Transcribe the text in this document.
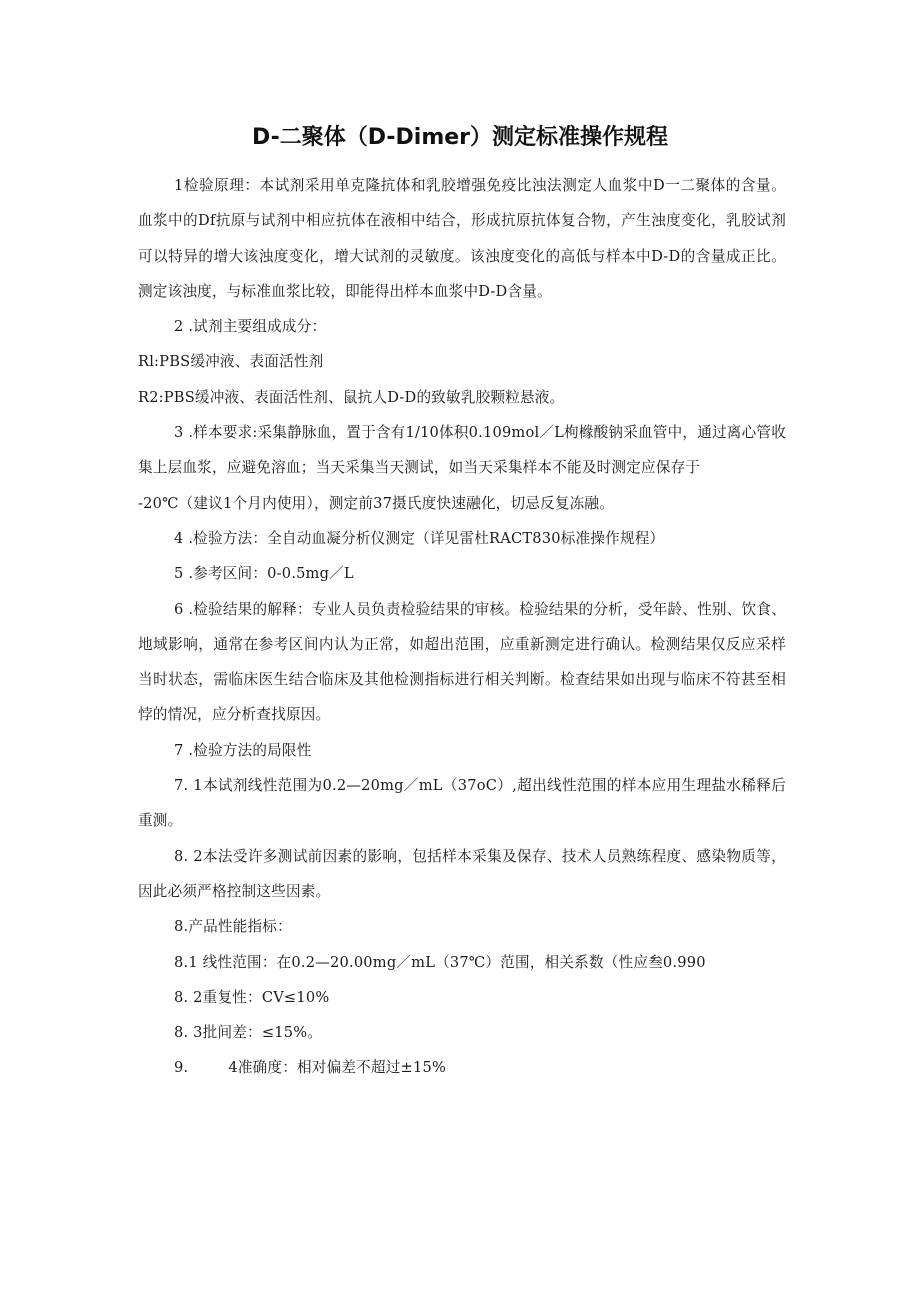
D-二聚体（D-Dimer）测定标准操作规程

1检验原理：本试剂采用单克隆抗体和乳胶增强免疫比浊法测定人血浆中D一二聚体的含量。血浆中的Df抗原与试剂中相应抗体在液相中结合，形成抗原抗体复合物，产生浊度变化，乳胶试剂可以特异的增大该浊度变化，增大试剂的灵敏度。该浊度变化的高低与样本中D-D的含量成正比。测定该浊度，与标准血浆比较，即能得出样本血浆中D-D含量。

2 .试剂主要组成成分：

Rl:PBS缓冲液、表面活性剂

R2:PBS缓冲液、表面活性剂、鼠抗人D-D的致敏乳胶颗粒悬液。

3 .样本要求:采集静脉血，置于含有1/10体积0.109mol／L枸橼酸钠采血管中，通过离心管收集上层血浆，应避免溶血；当天采集当天测试，如当天采集样本不能及时测定应保存于

-20℃（建议1个月内使用），测定前37摄氏度快速融化，切忌反复冻融。

4 .检验方法：全自动血凝分析仪测定（详见雷杜RACT830标准操作规程）

5 .参考区间：0-0.5mg／L

6 .检验结果的解释：专业人员负责检验结果的审核。检验结果的分析，受年龄、性别、饮食、地域影响，通常在参考区间内认为正常，如超出范围，应重新测定进行确认。检测结果仅反应采样当时状态，需临床医生结合临床及其他检测指标进行相关判断。检查结果如出现与临床不符甚至相悖的情况，应分析查找原因。

7 .检验方法的局限性

7. 1本试剂线性范围为0.2—20mg／mL（37oC）,超出线性范围的样本应用生理盐水稀释后重测。

8. 2本法受许多测试前因素的影响，包括样本采集及保存、技术人员熟练程度、感染物质等，因此必须严格控制这些因素。

8.产品性能指标：

8.1 线性范围：在0.2—20.00mg／mL（37℃）范围，相关系数（性应叁0.990

8. 2重复性：CV≤10%

8. 3批间差：≤15%。

9.	4准确度：相对偏差不超过±15%
